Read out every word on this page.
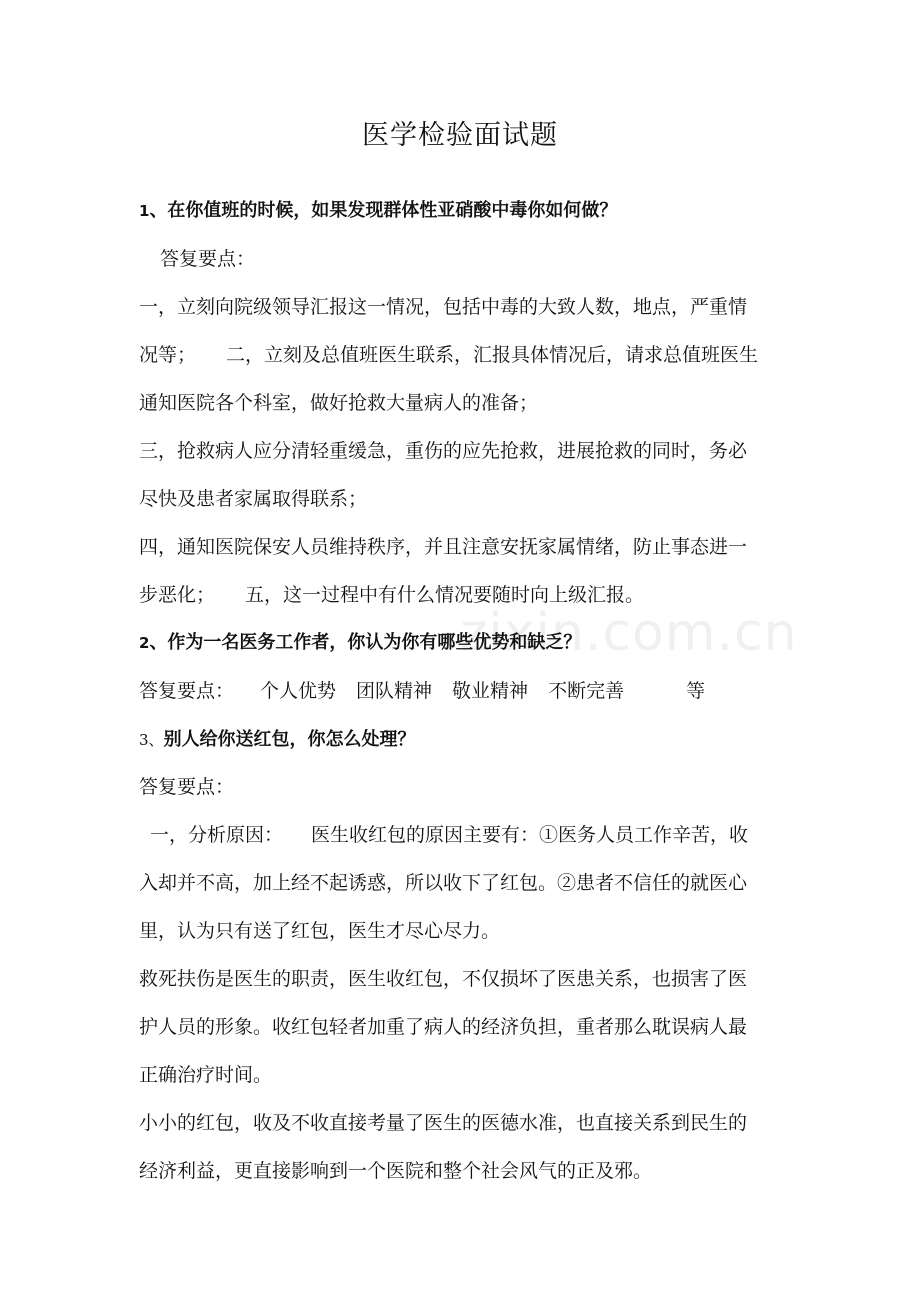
zixin.com.cn
医学检验面试题
1、在你值班的时候，如果发现群体性亚硝酸中毒你如何做？
答复要点：
一，立刻向院级领导汇报这一情况，包括中毒的大致人数，地点，严重情
况等； 二，立刻及总值班医生联系，汇报具体情况后，请求总值班医生
通知医院各个科室，做好抢救大量病人的准备；
三，抢救病人应分清轻重缓急，重伤的应先抢救，进展抢救的同时，务必
尽快及患者家属取得联系；
四，通知医院保安人员维持秩序，并且注意安抚家属情绪，防止事态进一
步恶化； 五，这一过程中有什么情况要随时向上级汇报。
2、作为一名医务工作者，你认为你有哪些优势和缺乏？
答复要点： 个人优势 团队精神 敬业精神 不断完善	等
3、别人给你送红包，你怎么处理？
答复要点：
一，分析原因： 医生收红包的原因主要有：①医务人员工作辛苦，收
入却并不高，加上经不起诱惑，所以收下了红包。②患者不信任的就医心
里，认为只有送了红包，医生才尽心尽力。
救死扶伤是医生的职责，医生收红包，不仅损坏了医患关系，也损害了医
护人员的形象。收红包轻者加重了病人的经济负担，重者那么耽误病人最
正确治疗时间。
小小的红包，收及不收直接考量了医生的医德水准，也直接关系到民生的
经济利益，更直接影响到一个医院和整个社会风气的正及邪。
